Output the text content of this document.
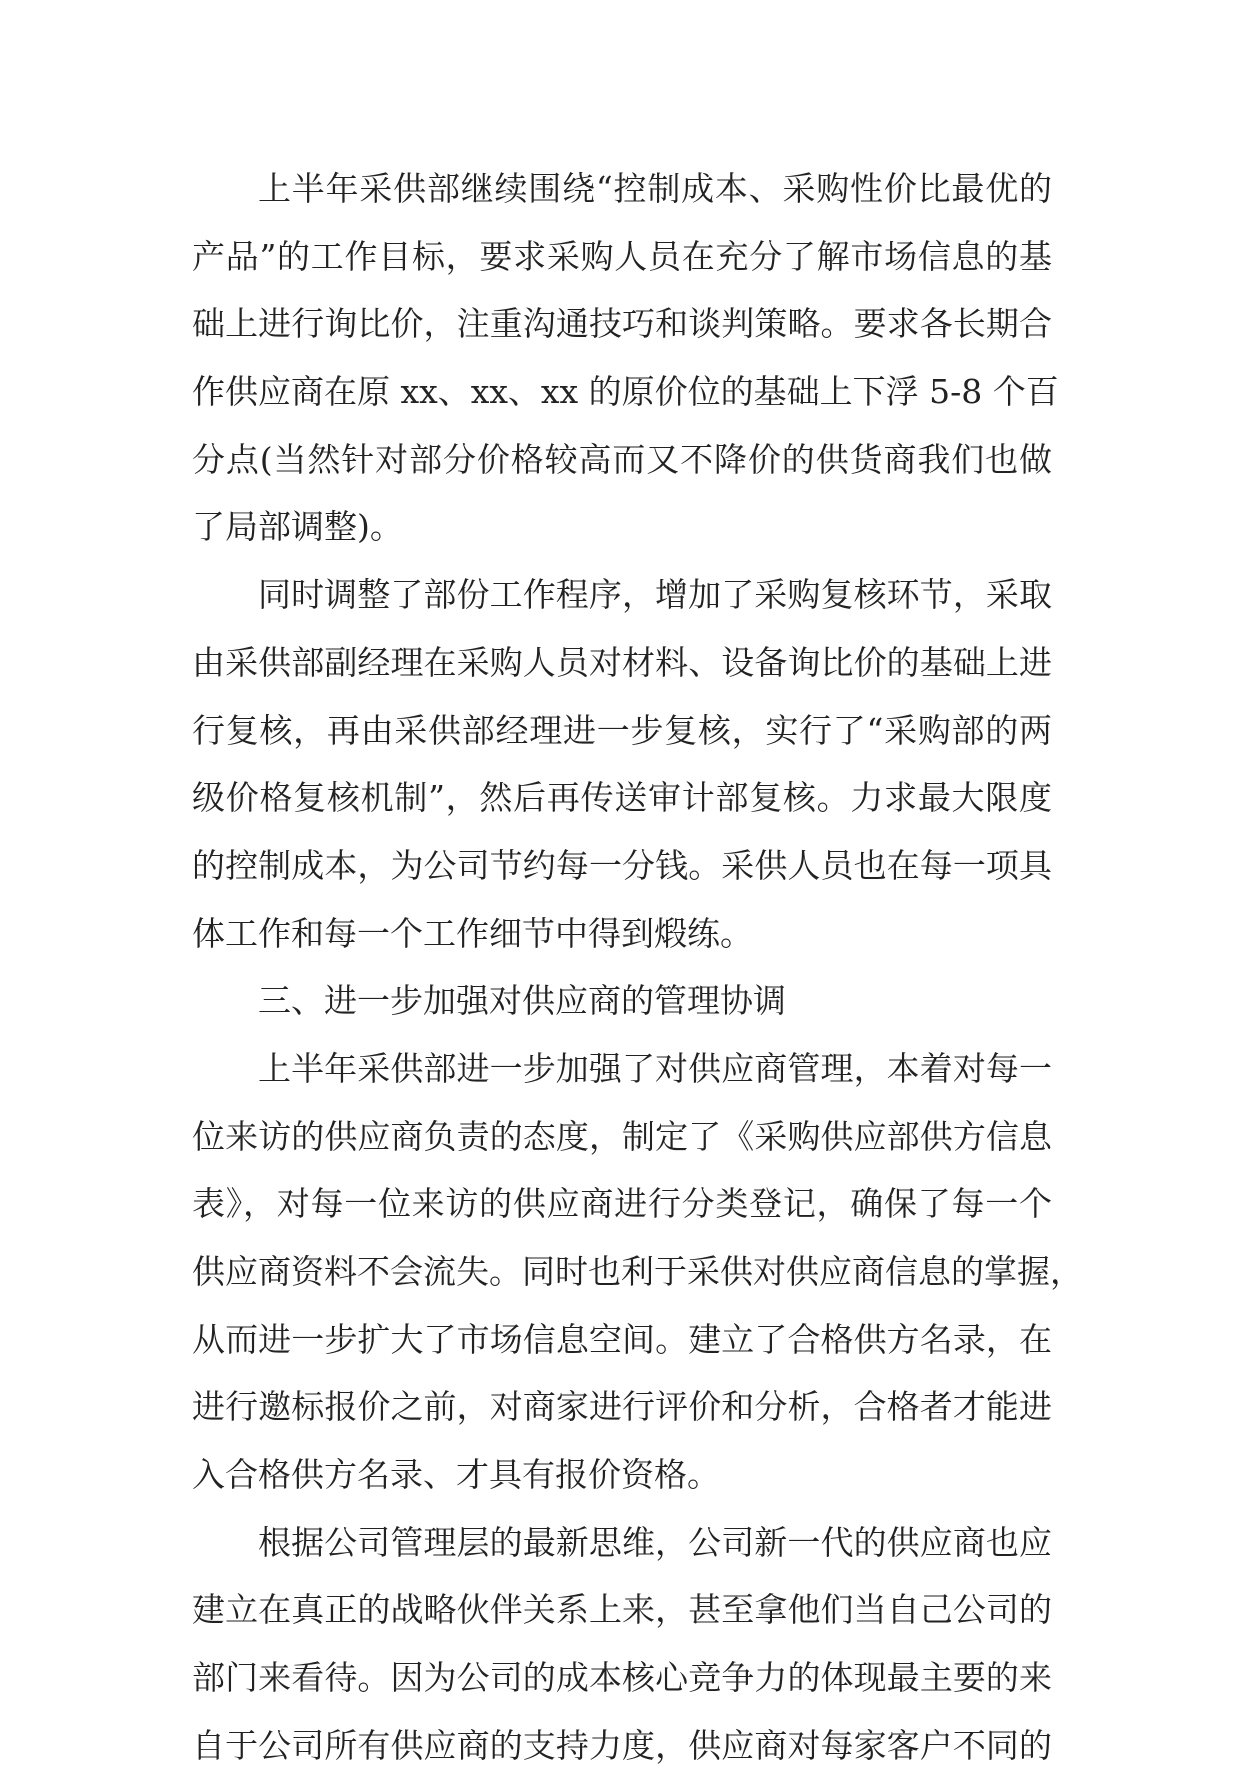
上半年采供部继续围绕“控制成本、采购性价比最优的
产品”的工作目标，要求采购人员在充分了解市场信息的基
础上进行询比价，注重沟通技巧和谈判策略。要求各长期合
作供应商在原 xx、xx、xx 的原价位的基础上下浮 5-8 个百
分点(当然针对部分价格较高而又不降价的供货商我们也做
了局部调整)。
同时调整了部份工作程序，增加了采购复核环节，采取
由采供部副经理在采购人员对材料、设备询比价的基础上进
行复核，再由采供部经理进一步复核，实行了“采购部的两
级价格复核机制”，然后再传送审计部复核。力求最大限度
的控制成本，为公司节约每一分钱。采供人员也在每一项具
体工作和每一个工作细节中得到煅练。
三、进一步加强对供应商的管理协调
上半年采供部进一步加强了对供应商管理，本着对每一
位来访的供应商负责的态度，制定了《采购供应部供方信息
表》，对每一位来访的供应商进行分类登记，确保了每一个
供应商资料不会流失。同时也利于采供对供应商信息的掌握，
从而进一步扩大了市场信息空间。建立了合格供方名录，在
进行邀标报价之前，对商家进行评价和分析，合格者才能进
入合格供方名录、才具有报价资格。
根据公司管理层的最新思维，公司新一代的供应商也应
建立在真正的战略伙伴关系上来，甚至拿他们当自己公司的
部门来看待。因为公司的成本核心竞争力的体现最主要的来
自于公司所有供应商的支持力度，供应商对每家客户不同的
